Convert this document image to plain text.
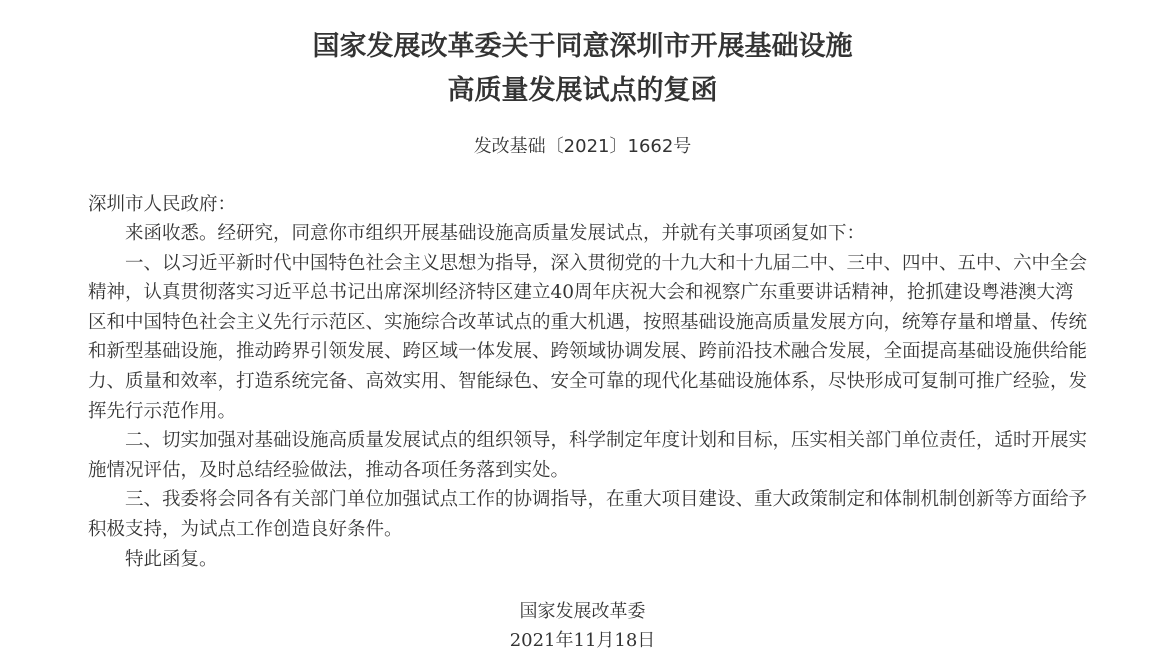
国家发展改革委关于同意深圳市开展基础设施
高质量发展试点的复函
发改基础〔2021〕1662号
深圳市人民政府：

来函收悉。经研究，同意你市组织开展基础设施高质量发展试点，并就有关事项函复如下：

一、以习近平新时代中国特色社会主义思想为指导，深入贯彻党的十九大和十九届二中、三中、四中、五中、六中全会精神，认真贯彻落实习近平总书记出席深圳经济特区建立40周年庆祝大会和视察广东重要讲话精神，抢抓建设粤港澳大湾区和中国特色社会主义先行示范区、实施综合改革试点的重大机遇，按照基础设施高质量发展方向，统筹存量和增量、传统和新型基础设施，推动跨界引领发展、跨区域一体发展、跨领域协调发展、跨前沿技术融合发展，全面提高基础设施供给能力、质量和效率，打造系统完备、高效实用、智能绿色、安全可靠的现代化基础设施体系，尽快形成可复制可推广经验，发挥先行示范作用。

二、切实加强对基础设施高质量发展试点的组织领导，科学制定年度计划和目标，压实相关部门单位责任，适时开展实施情况评估，及时总结经验做法，推动各项任务落到实处。

三、我委将会同各有关部门单位加强试点工作的协调指导，在重大项目建设、重大政策制定和体制机制创新等方面给予积极支持，为试点工作创造良好条件。

特此函复。

国家发展改革委
2021年11月18日
